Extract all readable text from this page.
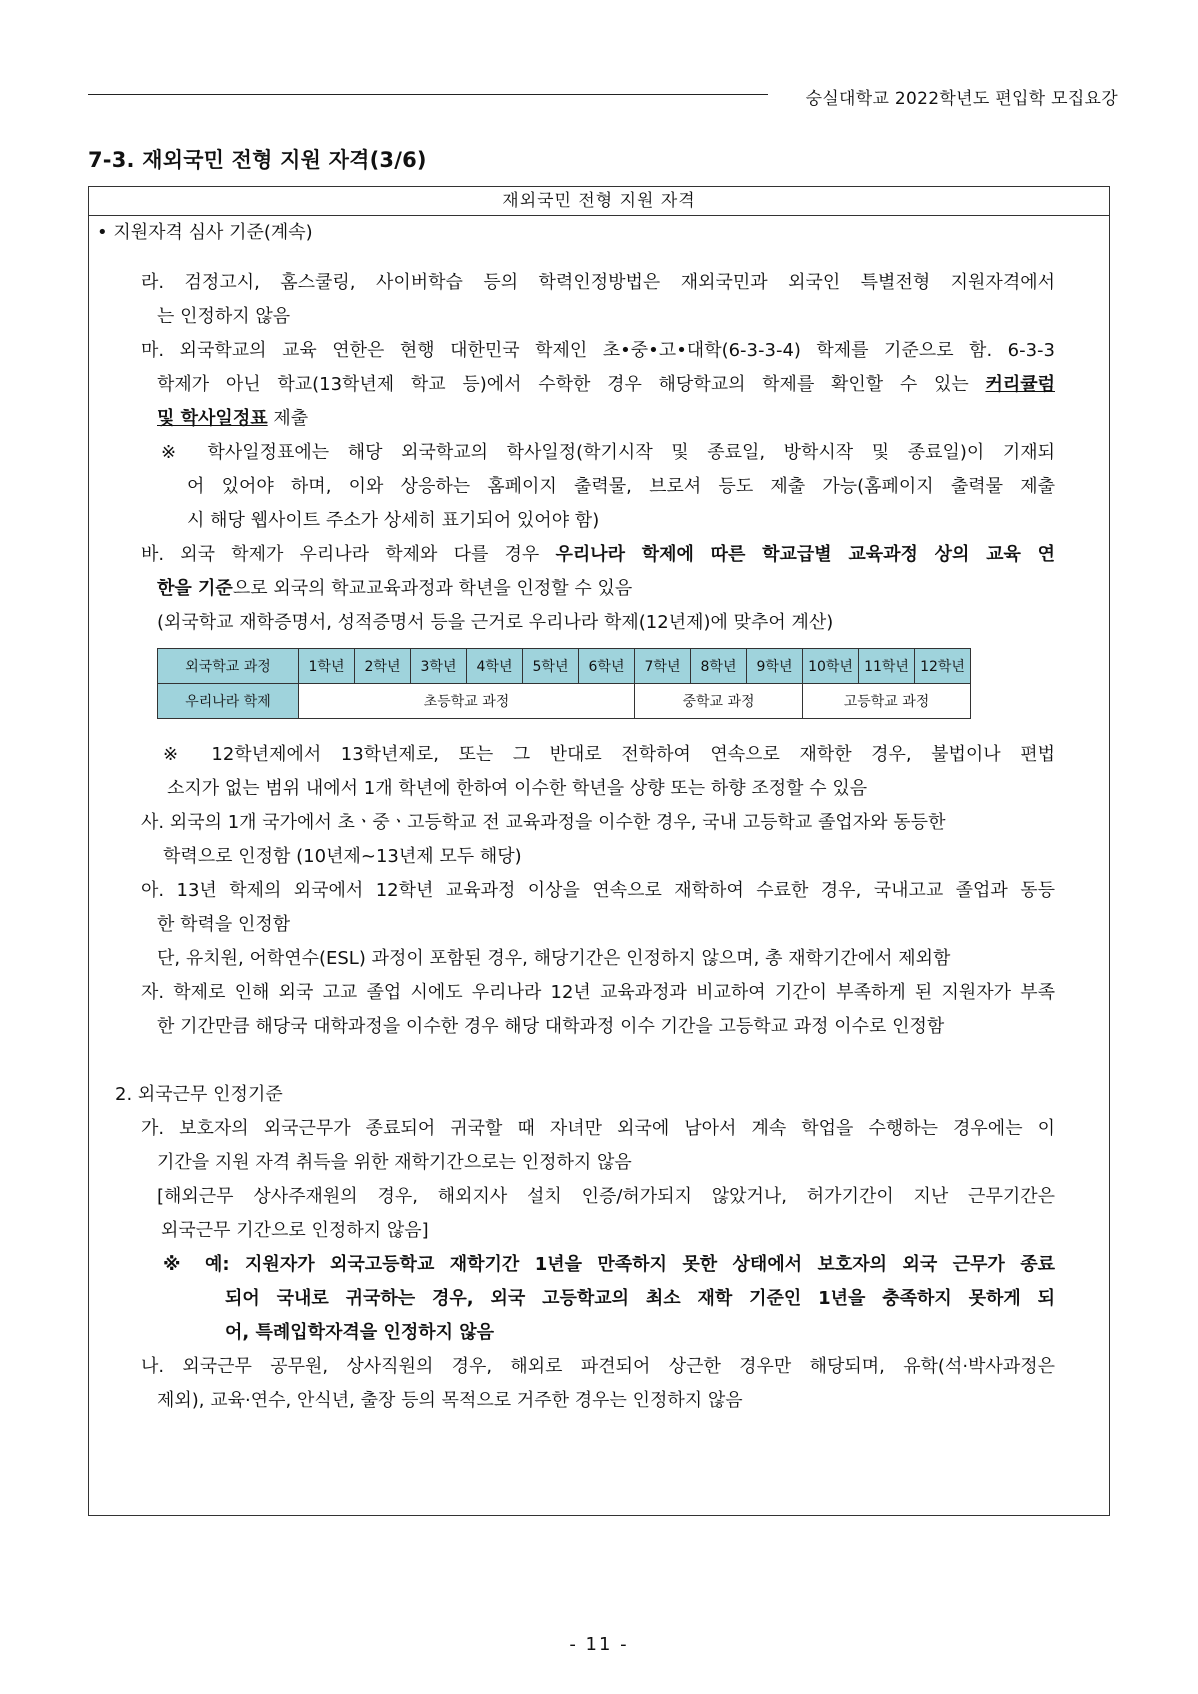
숭실대학교 2022학년도 편입학 모집요강
7-3. 재외국민 전형 지원 자격(3/6)
재외국민 전형 지원 자격
• 지원자격 심사 기준(계속)
라. 검정고시, 홈스쿨링, 사이버학습 등의 학력인정방법은 재외국민과 외국인 특별전형 지원자격에서
는 인정하지 않음
마. 외국학교의 교육 연한은 현행 대한민국 학제인 초•중•고•대학(6-3-3-4) 학제를 기준으로 함. 6-3-3
학제가 아닌 학교(13학년제 학교 등)에서 수학한 경우 해당학교의 학제를 확인할 수 있는 커리큘럼
및 학사일정표 제출
※ 학사일정표에는 해당 외국학교의 학사일정(학기시작 및 종료일, 방학시작 및 종료일)이 기재되
어 있어야 하며, 이와 상응하는 홈페이지 출력물, 브로셔 등도 제출 가능(홈페이지 출력물 제출
시 해당 웹사이트 주소가 상세히 표기되어 있어야 함)
바. 외국 학제가 우리나라 학제와 다를 경우 우리나라 학제에 따른 학교급별 교육과정 상의 교육 연
한을 기준으로 외국의 학교교육과정과 학년을 인정할 수 있음
(외국학교 재학증명서, 성적증명서 등을 근거로 우리나라 학제(12년제)에 맞추어 계산)
외국학교 과정	1학년	2학년	3학년	4학년	5학년	6학년	7학년	8학년	9학년	10학년	11학년	12학년
우리나라 학제	초등학교 과정						중학교 과정			고등학교 과정		
※ 12학년제에서 13학년제로, 또는 그 반대로 전학하여 연속으로 재학한 경우, 불법이나 편법
소지가 없는 범위 내에서 1개 학년에 한하여 이수한 학년을 상향 또는 하향 조정할 수 있음
사. 외국의 1개 국가에서 초ㆍ중ㆍ고등학교 전 교육과정을 이수한 경우, 국내 고등학교 졸업자와 동등한
학력으로 인정함 (10년제~13년제 모두 해당)
아. 13년 학제의 외국에서 12학년 교육과정 이상을 연속으로 재학하여 수료한 경우, 국내고교 졸업과 동등
한 학력을 인정함
단, 유치원, 어학연수(ESL) 과정이 포함된 경우, 해당기간은 인정하지 않으며, 총 재학기간에서 제외함
자. 학제로 인해 외국 고교 졸업 시에도 우리나라 12년 교육과정과 비교하여 기간이 부족하게 된 지원자가 부족
한 기간만큼 해당국 대학과정을 이수한 경우 해당 대학과정 이수 기간을 고등학교 과정 이수로 인정함
2. 외국근무 인정기준
가. 보호자의 외국근무가 종료되어 귀국할 때 자녀만 외국에 남아서 계속 학업을 수행하는 경우에는 이
기간을 지원 자격 취득을 위한 재학기간으로는 인정하지 않음
[해외근무 상사주재원의 경우, 해외지사 설치 인증/허가되지 않았거나, 허가기간이 지난 근무기간은
외국근무 기간으로 인정하지 않음]
※ 예: 지원자가 외국고등학교 재학기간 1년을 만족하지 못한 상태에서 보호자의 외국 근무가 종료
되어 국내로 귀국하는 경우, 외국 고등학교의 최소 재학 기준인 1년을 충족하지 못하게 되
어, 특례입학자격을 인정하지 않음
나. 외국근무 공무원, 상사직원의 경우, 해외로 파견되어 상근한 경우만 해당되며, 유학(석·박사과정은
제외), 교육·연수, 안식년, 출장 등의 목적으로 거주한 경우는 인정하지 않음
- 11 -
